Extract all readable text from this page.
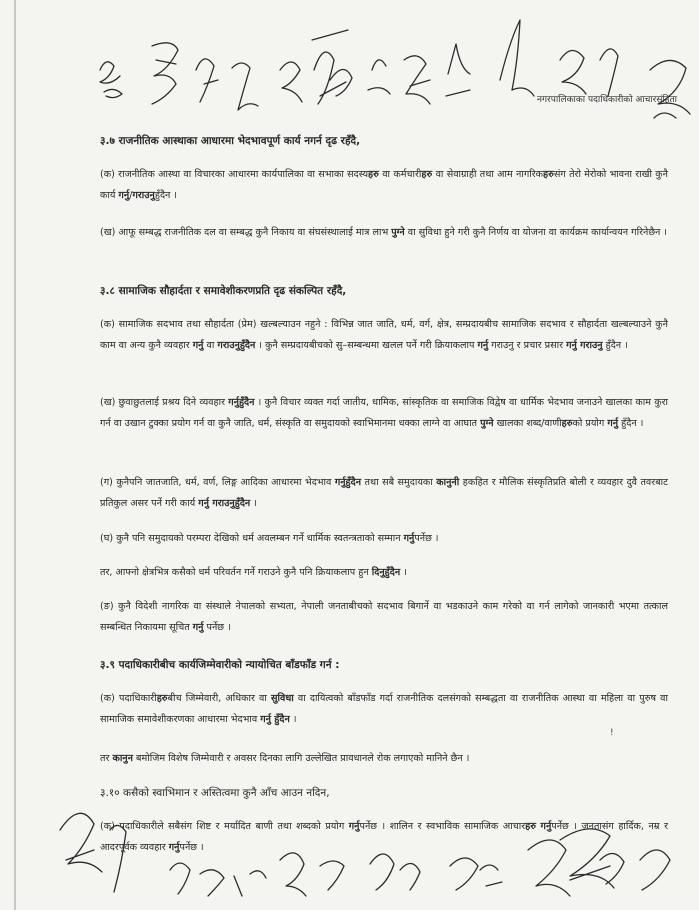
नगरपालिकाका पदाधिकारीको आचारसंहिता

३.७ राजनीतिक आस्थाका आधारमा भेदभावपूर्ण कार्य नगर्न दृढ रहँदै,

(क) राजनीतिक आस्था वा विचारका आधारमा कार्यपालिका वा सभाका सदस्यहरु वा कर्मचारीहरु वा सेवाग्राही तथा आम नागरिकहरुसंग तेरो मेरोको भावना राखी कुनै कार्य गर्नु/गराउनुहुँदैन ।

(ख) आफू सम्बद्ध राजनीतिक दल वा सम्बद्ध कुनै निकाय वा संघसंस्थालाई मात्र लाभ पुग्ने वा सुविधा हुने गरी कुनै निर्णय वा योजना वा कार्यक्रम कार्यान्वयन गरिनेछैन ।

३.८ सामाजिक सौहार्दता र समावेशीकरणप्रति दृढ संकल्पित रहँदै,

(क) सामाजिक सदभाव तथा सौहार्दता (प्रेम) खल्बल्याउन नहुने : विभिन्न जात जाति, धर्म, वर्ग, क्षेत्र, सम्प्रदायबीच सामाजिक सदभाव र सौहार्दता खल्बल्याउने कुनै काम वा अन्य कुनै व्यवहार गर्नु वा गराउनुहुँदैन । कुनै सम्प्रदायबीचको सु–सम्बन्धमा खलल पर्ने गरी क्रियाकलाप गर्नु गराउनु र प्रचार प्रसार गर्नु गराउनु हुँदैन ।

(ख) छुवाछुतलाई प्रश्रय दिने व्यवहार गर्नुहुँदैन । कुनै विचार व्यक्त गर्दा जातीय, धामिक, सांस्कृतिक वा समाजिक विद्वेष वा धार्मिक भेदभाव जनाउने खालका काम कुरा गर्न वा उखान टुक्का प्रयोग गर्न वा कुनै जाति, धर्म, संस्कृति वा समुदायको स्वाभिमानमा धक्का लाग्ने वा आघात पुग्ने खालका शब्द/वाणीहरुको प्रयोग गर्नु हुँदैन ।

(ग) कुनैपनि जातजाति, धर्म, वर्ण, लिङ्ग आदिका आधारमा भेदभाव गर्नुहुँदैन तथा सबै समुदायका कानुनी हकहित र मौलिक संस्कृतिप्रति बोली र व्यवहार दुवै तवरबाट प्रतिकुल असर पर्ने गरी कार्य गर्नु गराउनुहुँदैन ।

(घ) कुनै पनि समुदायको परम्परा देखिको धर्म अवलम्बन गर्ने धार्मिक स्वतन्त्रताको सम्मान गर्नुपर्नेछ ।

तर, आफ्नो क्षेत्रभित्र कसैको धर्म परिवर्तन गर्ने गराउने कुनै पनि क्रियाकलाप हुन दिनुहुँदैन ।

(ङ) कुनै विदेशी नागरिक वा संस्थाले नेपालको सभ्यता, नेपाली जनताबीचको सदभाव बिगार्ने वा भडकाउने काम गरेको वा गर्न लागेको जानकारी भएमा तत्काल सम्बन्धित निकायमा सूचित गर्नु पर्नेछ ।

३.९ पदाधिकारीबीच कार्यजिम्मेवारीको न्यायोचित बाँडफाँड गर्न :

(क) पदाधिकारीहरुबीच जिम्मेवारी, अधिकार वा सुविधा वा दायित्वको बाँडफाँड गर्दा राजनीतिक दलसंगको सम्बद्धता वा राजनीतिक आस्था वा महिला वा पुरुष वा सामाजिक समावेशीकरणका आधारमा भेदभाव गर्नु हुँदैन ।

तर कानुन बमोजिम विशेष जिम्मेवारी र अवसर दिनका लागि उल्लेखित प्रावधानले रोक लगाएको मानिने छैन ।

३.१० कसैको स्वाभिमान र अस्तित्वमा कुनै आँच आउन नदिन,

(क) पदाधिकारीले सबैसंग शिष्ट र मर्यादित बाणी तथा शब्दको प्रयोग गर्नुपर्नेछ । शालिन र स्वभाविक सामाजिक आचारहरु गर्नुपर्नेछ । जनतासंग हार्दिक, नम्र र आदरपूर्वक व्यवहार गर्नुपर्नेछ ।

!
